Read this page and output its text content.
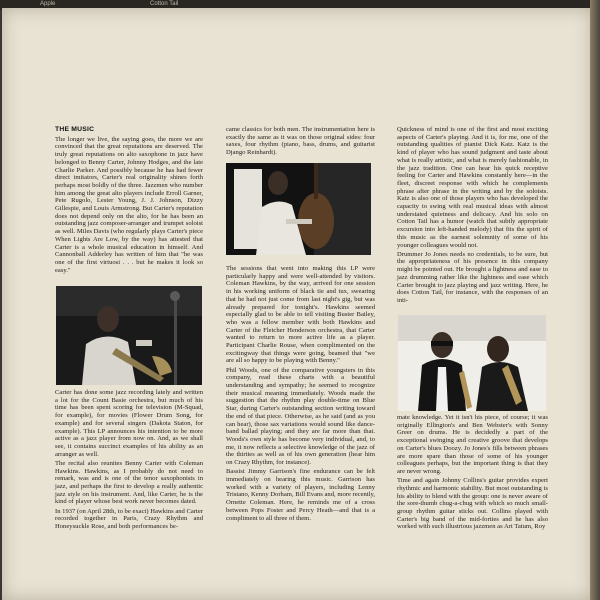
Apple	Cotton Tail
THE MUSIC

The longer we live, the saying goes, the more we are convinced that the great reputations are deserved. The truly great reputations on alto saxophone in jazz have belonged to Benny Carter, Johnny Hodges, and the late Charlie Parker. And possibly because he has had fewer direct imitators, Carter's real originality shines forth perhaps most boldly of the three. Jazzmen who number him among the great alto players include Erroll Garner, Pete Rugolo, Lester Young, J. J. Johnson, Dizzy Gillespie, and Louis Armstrong. But Carter's reputation does not depend only on the alto, for he has been an outstanding jazz composer-arranger and trumpet soloist as well. Miles Davis (who regularly plays Carter's piece When Lights Are Low, by the way) has attested that Carter is a whole musical education in himself. And Cannonball Adderley has written of him that "he was one of the first virtuosi . . . but he makes it look so easy."

Carter has done some jazz recording lately and written a lot for the Count Basie orchestra, but much of his time has been spent scoring for television (M-Squad, for example), for movies (Flower Drum Song, for example) and for several singers (Dakota Staton, for example). This LP announces his intention to be more active as a jazz player from now on. And, as we shall see, it contains succinct examples of his ability as an arranger as well.

The recital also reunites Benny Carter with Coleman Hawkins. Hawkins, as I probably do not need to remark, was and is one of the tenor saxophonists in jazz, and perhaps the first to develop a really authentic jazz style on his instrument. And, like Carter, he is the kind of player whose best work never becomes dated.

In 1937 (on April 28th, to be exact) Hawkins and Carter recorded together in Paris, Crazy Rhythm and Honeysuckle Rose, and both performances be-

came classics for both men. The instrumentation here is exactly the same as it was on those original sides: four saxes, four rhythm (piano, bass, drums, and guitarist Django Reinhardt).

The sessions that went into making this LP were particularly happy and were well-attended by visitors. Coleman Hawkins, by the way, arrived for one session in his working uniform of black tie and tux, swearing that he had not just come from last night's gig, but was already prepared for tonight's. Hawkins seemed especially glad to be able to tell visiting Buster Bailey, who was a fellow member with both Hawkins and Carter of the Fletcher Henderson orchestra, that Carter wanted to return to more active life as a player. Participant Charlie Rouse, when complimented on the excitingway that things were going, beamed that "we are all so happy to be playing with Benny."

Phil Woods, one of the comparative youngsters in this company, read these charts with a beautiful understanding and sympathy; he seemed to recognize their musical meaning immediately. Woods made the suggestion that the rhythm play double-time on Blue Star, during Carter's outstanding section writing toward the end of that piece. Otherwise, as he said (and as you can hear), those sax variations would sound like dance-band ballad playing; and they are far more than that. Woods's own style has become very individual, and, to me, it now reflects a selective knowledge of the jazz of the thirties as well as of his own generation (hear him on Crazy Rhythm, for instance).

Bassist Jimmy Garrison's fine endurance can be felt immediately on hearing this music. Garrison has worked with a variety of players, including Lenny Tristano, Kenny Dorham, Bill Evans and, more recently, Ornette Coleman. Here, he reminds me of a cross between Pops Foster and Percy Heath—and that is a compliment to all three of them.

Quickness of mind is one of the first and most exciting aspects of Carter's playing. And it is, for me, one of the outstanding qualities of pianist Dick Katz. Katz is the kind of player who has sound judgment and taste about what is really artistic, and what is merely fashionable, in the jazz tradition. One can hear his quick receptive feeling for Carter and Hawkins constantly here—in the fleet, discreet response with which he complements phrase after phrase in the writing and by the soloists. Katz is also one of those players who has developed the capacity to swing with real musical ideas with almost understated quietness and delicacy. And his solo on Cotton Tail has a humor (watch that subtly appropriate excursion into left-handed melody) that fits the spirit of this music as the earnest solemnity of some of his younger colleagues would not.

Drummer Jo Jones needs no credentials, to be sure, but the appropriateness of his presence in this company might be pointed out. He brought a lightness and ease to jazz drumming rather like the lightness and ease which Carter brought to jazz playing and jazz writing. Here, he does Cotton Tail, for instance, with the responses of an inti-

mate knowledge. Yet it isn't his piece, of course; it was originally Ellington's and Ben Webster's with Sonny Greer on drums. He is decidedly a part of the exceptional swinging and creative groove that develops on Carter's blues Doozy. Jo Jones's fills between phrases are more spare than those of some of his younger colleagues perhaps, but the important thing is that they are never wrong.

Time and again Johnny Collins's guitar provides expert rhythmic and harmonic stability. But most outstanding is his ability to blend with the group: one is never aware of the sore-thumb chug-a-chug with which so much small-group rhythm guitar sticks out. Collins played with Carter's big band of the mid-forties and he has also worked with such illustrious jazzmen as Art Tatum, Roy
